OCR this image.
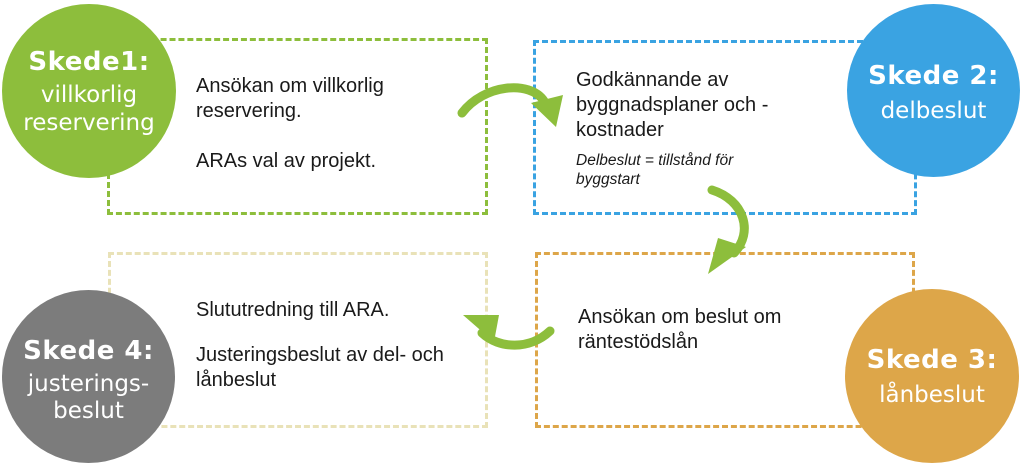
Ansökan om villkorlig reservering.

ARAs val av projekt.

Godkännande av byggnadsplaner och -kostnader

Delbeslut = tillstånd för byggstart

Ansökan om beslut om räntestödslån

Slututredning till ARA.

Justeringsbeslut av del- och lånbeslut

Skede1:
villkorlig
reservering
Skede 2:
delbeslut
Skede 3:
lånbeslut
Skede 4:
justerings-
beslut
